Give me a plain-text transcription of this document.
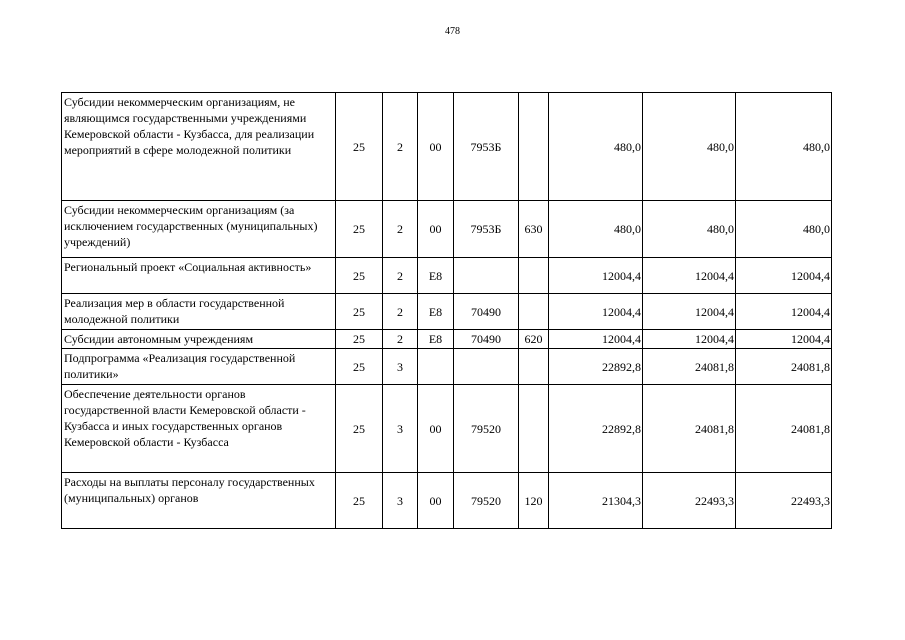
478
Субсидии некоммерческим организациям, не являющимся государственными учреждениями Кемеровской области - Кузбасса, для реализации мероприятий в сфере молодежной политики	25	2	00	7953Б		480,0	480,0	480,0
Субсидии некоммерческим организациям (за исключением государственных (муниципальных) учреждений)	25	2	00	7953Б	630	480,0	480,0	480,0
Региональный проект «Социальная активность»	25	2	Е8			12004,4	12004,4	12004,4
Реализация мер в области государственной молодежной политики	25	2	Е8	70490		12004,4	12004,4	12004,4
Субсидии автономным учреждениям	25	2	Е8	70490	620	12004,4	12004,4	12004,4
Подпрограмма «Реализация государственной политики»	25	3				22892,8	24081,8	24081,8
Обеспечение деятельности органов государственной власти Кемеровской области - Кузбасса и иных государственных органов Кемеровской области - Кузбасса	25	3	00	79520		22892,8	24081,8	24081,8
Расходы на выплаты персоналу государственных (муниципальных) органов	25	3	00	79520	120	21304,3	22493,3	22493,3
